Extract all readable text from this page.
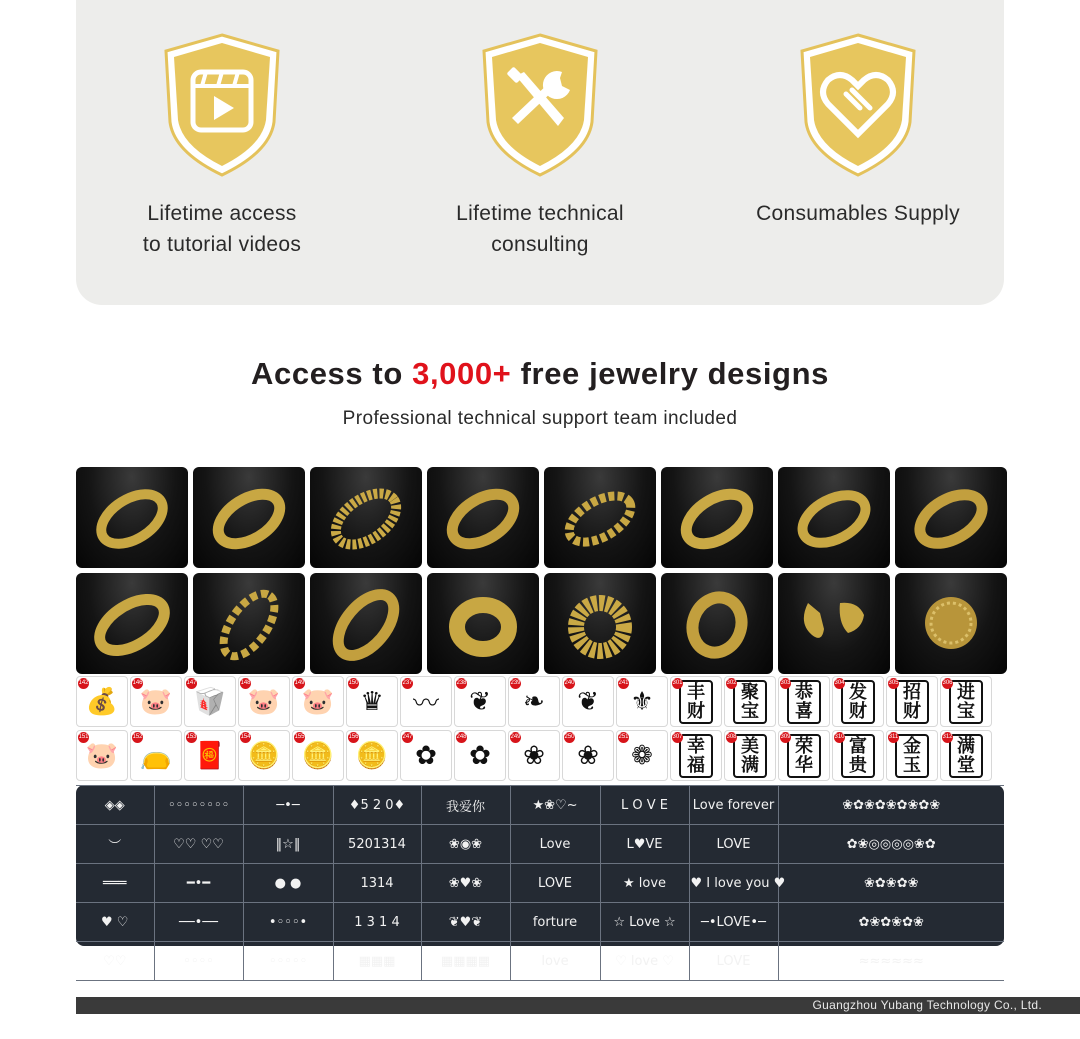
Lifetime access
to tutorial videos
Lifetime technical consulting
Consumables Supply
Access to 3,000+ free jewelry designs
Professional technical support team included
142
💰
146
🐷
147
🥡
148
🐷
149
🐷
150
♛
237
〰
238
❦
239
❧
240
❦
241
⚜
301 丰财
302 聚宝
303 恭喜
304 发财
305 招财
306 进宝
151
🐷
152
👝
153
🧧
154
🪙
155
🪙
156
🪙
247
✿
248
✿
249
❀
250
❀
251
❁
307 幸福
308 美满
309 荣华
310 富贵
311 金玉
312 满堂
◈◈	◦◦◦◦◦◦◦◦	─•─	♦5 2 0♦	我爱你	★❀♡~	L O V E	Love forever	❀✿❀✿❀✿❀✿❀
︶	♡♡ ♡♡	‖☆‖	5201314	❀◉❀	Love	L♥VE	LOVE	✿❀◎◎◎◎❀✿
═══	━•━	● ●	1314	❀♥❀	LOVE	★ love	♥ I love you ♥	❀✿❀✿❀
♥ ♡	──•──	•◦◦◦•	1 3 1 4	❦♥❦	forture	☆ Love ☆	─•LOVE•─	✿❀✿❀✿❀
♡♡	◦◦◦◦	◦◦◦◦◦	▦▦▦	▦▦▦▦	love	♡ love ♡	LOVE	≈≈≈≈≈≈
Guangzhou Yubang Technology Co., Ltd.
